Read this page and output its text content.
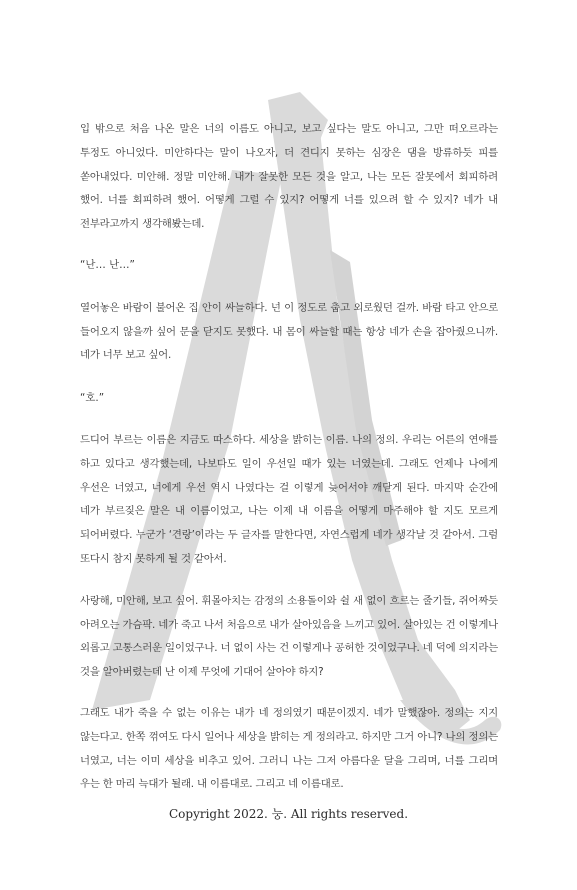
입 밖으로 처음 나온 말은 너의 이름도 아니고, 보고 싶다는 말도 아니고, 그만 떠오르라는 투정도 아니었다. 미안하다는 말이 나오자, 더 견디지 못하는 심장은 댐을 방류하듯 피를 쏟아내었다. 미안해. 정말 미안해. 내가 잘못한 모든 것을 알고, 나는 모든 잘못에서 회피하려 했어. 너를 회피하려 했어. 어떻게 그럴 수 있지? 어떻게 너를 있으려 할 수 있지? 네가 내 전부라고까지 생각해봤는데.

“난… 난…”

열어놓은 바람이 불어온 집 안이 싸늘하다. 넌 이 정도로 춥고 외로웠던 걸까. 바람 타고 안으로 들어오지 않을까 싶어 문을 닫지도 못했다. 내 몸이 싸늘할 때는 항상 네가 손을 잡아줬으니까. 네가 너무 보고 싶어.

“호.”

드디어 부르는 이름은 지금도 따스하다. 세상을 밝히는 이름. 나의 정의. 우리는 어른의 연애를 하고 있다고 생각했는데, 나보다도 일이 우선일 때가 있는 너였는데. 그래도 언제나 나에게 우선은 너였고, 너에게 우선 역시 나였다는 걸 이렇게 늦어서야 깨닫게 된다. 마지막 순간에 네가 부르짖은 말은 내 이름이었고, 나는 이제 내 이름을 어떻게 마주해야 할 지도 모르게 되어버렸다. 누군가 ‘견랑’이라는 두 글자를 말한다면, 자연스럽게 네가 생각날 것 같아서. 그럼 또다시 참지 못하게 될 것 같아서.

사랑해, 미안해, 보고 싶어. 휘몰아치는 감정의 소용돌이와 쉴 새 없이 흐르는 줄기들, 쥐어짜듯 아려오는 가슴팍. 네가 죽고 나서 처음으로 내가 살아있음을 느끼고 있어. 살아있는 건 이렇게나 외롭고 고통스러운 일이었구나. 너 없이 사는 건 이렇게나 공허한 것이었구나. 네 덕에 의지라는 것을 알아버렸는데 난 이제 무엇에 기대어 살아야 하지?

그래도 내가 죽을 수 없는 이유는 내가 네 정의였기 때문이겠지. 네가 말했잖아. 정의는 지지 않는다고. 한쪽 꺾여도 다시 일어나 세상을 밝히는 게 정의라고. 하지만 그거 아니? 나의 정의는 너였고, 너는 이미 세상을 비추고 있어. 그러니 나는 그저 아름다운 달을 그리며, 너를 그리며 우는 한 마리 늑대가 될래. 내 이름대로. 그리고 네 이름대로.

Copyright 2022. 눙. All rights reserved.
